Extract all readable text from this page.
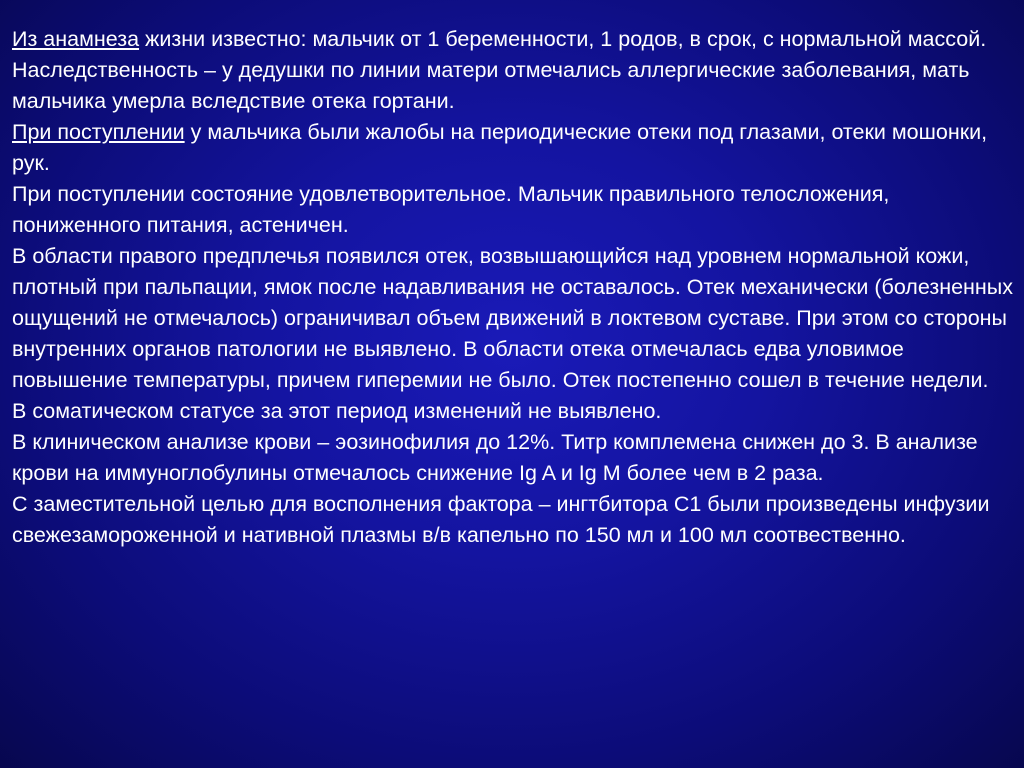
Из анамнеза жизни известно: мальчик от 1 беременности, 1 родов, в срок, с нормальной массой.

Наследственность – у дедушки по линии матери отмечались аллергические заболевания, мать мальчика умерла вследствие отека гортани.

При поступлении у мальчика были жалобы на периодические отеки под глазами, отеки мошонки, рук.

При поступлении состояние удовлетворительное. Мальчик правильного телосложения, пониженного питания, астеничен.

В области правого предплечья появился отек, возвышающийся над уровнем нормальной кожи, плотный при пальпации, ямок после надавливания не оставалось. Отек механически (болезненных ощущений не отмечалось) ограничивал объем движений в локтевом суставе. При этом со стороны внутренних органов патологии не выявлено. В области отека отмечалась едва уловимое повышение температуры, причем гиперемии не было. Отек постепенно сошел в течение недели.

В соматическом статусе за этот период изменений не выявлено.

В клиническом анализе крови – эозинофилия до 12%. Титр комплемена снижен до 3. В анализе крови на иммуноглобулины отмечалось снижение Ig A и Ig M более чем в 2 раза.

С заместительной целью для восполнения фактора – ингтбитора С1 были произведены инфузии свежезамороженной и нативной плазмы в/в капельно по 150 мл и 100 мл соотвественно.
